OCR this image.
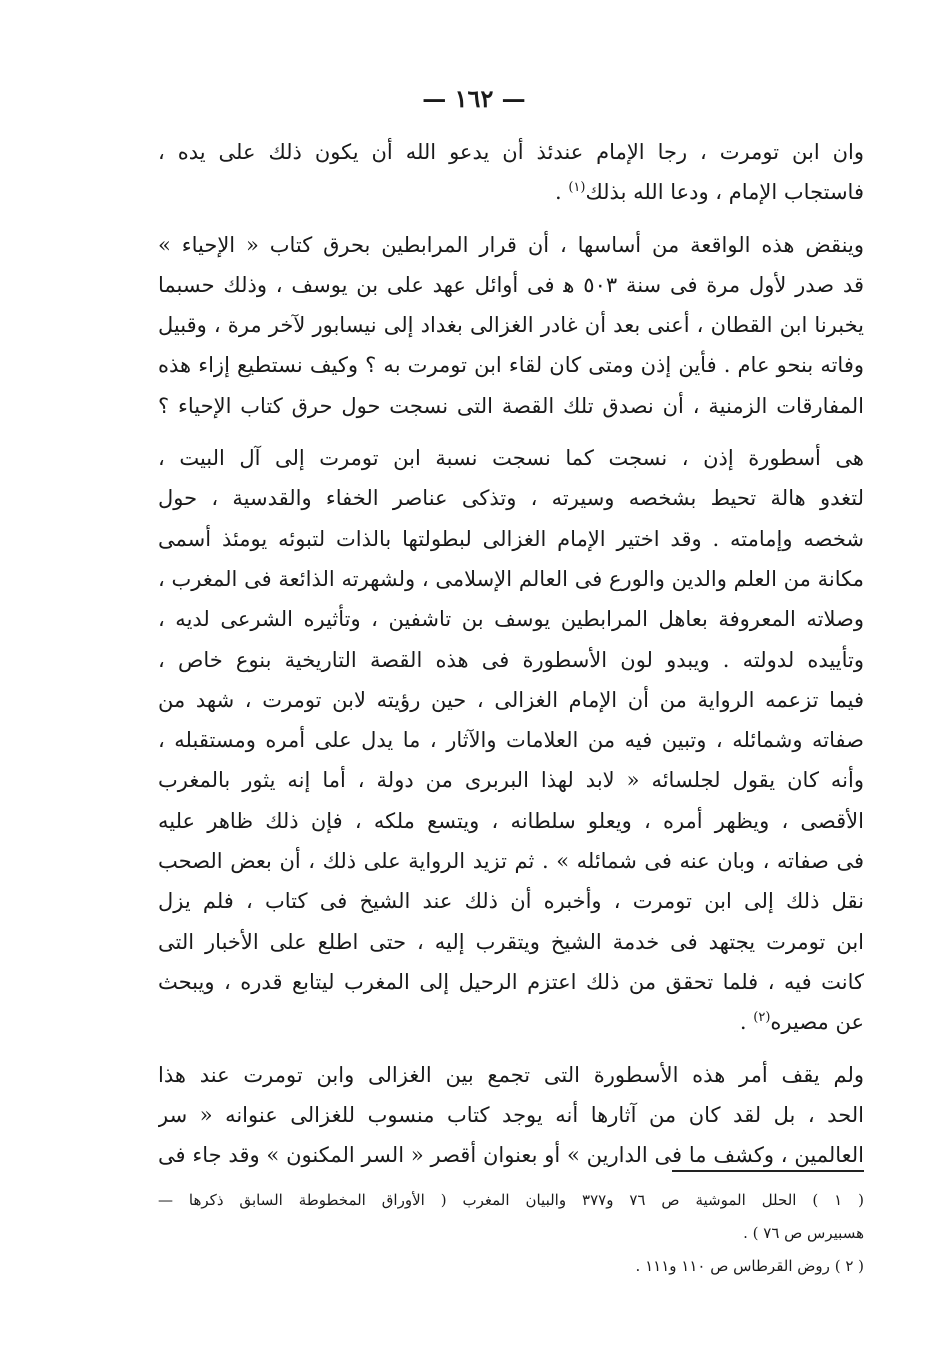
— ١٦٢ —
وان ابن تومرت ، رجا الإمام عندئذ أن يدعو الله أن يكون ذلك على يده ،
فاستجاب الإمام ، ودعا الله بذلك$^{(١)}$ .
وينقض هذه الواقعة من أساسها ، أن قرار المرابطين بحرق كتاب « الإحياء »
قد صدر لأول مرة فى سنة ٥٠٣ ﻫ فى أوائل عهد على بن يوسف ، وذلك حسبما
يخبرنا ابن القطان ، أعنى بعد أن غادر الغزالى بغداد إلى نيسابور لآخر مرة ، وقبيل
وفاته بنحو عام . فأين إذن ومتى كان لقاء ابن تومرت به ؟ وكيف نستطيع إزاء هذه
المفارقات الزمنية ، أن نصدق تلك القصة التى نسجت حول حرق كتاب الإحياء ؟
هى أسطورة إذن ، نسجت كما نسجت نسبة ابن تومرت إلى آل البيت ،
لتغدو هالة تحيط بشخصه وسيرته ، وتذكى عناصر الخفاء والقدسية ، حول
شخصه وإمامته . وقد اختير الإمام الغزالى لبطولتها بالذات لتبوئه يومئذ أسمى
مكانة من العلم والدين والورع فى العالم الإسلامى ، ولشهرته الذائعة فى المغرب ،
وصلاته المعروفة بعاهل المرابطين يوسف بن تاشفين ، وتأثيره الشرعى لديه ،
وتأييده لدولته . ويبدو لون الأسطورة فى هذه القصة التاريخية بنوع خاص ،
فيما تزعمه الرواية من أن الإمام الغزالى ، حين رؤيته لابن تومرت ، شهد من
صفاته وشمائله ، وتبين فيه من العلامات والآثار ، ما يدل على أمره ومستقبله ،
وأنه كان يقول لجلسائه « لابد لهذا البربرى من دولة ، أما إنه يثور بالمغرب
الأقصى ، ويظهر أمره ، ويعلو سلطانه ، ويتسع ملكه ، فإن ذلك ظاهر عليه
فى صفاته ، وبان عنه فى شمائله » . ثم تزيد الرواية على ذلك ، أن بعض الصحب
نقل ذلك إلى ابن تومرت ، وأخبره أن ذلك عند الشيخ فى كتاب ، فلم يزل
ابن تومرت يجتهد فى خدمة الشيخ ويتقرب إليه ، حتى اطلع على الأخبار التى
كانت فيه ، فلما تحقق من ذلك اعتزم الرحيل إلى المغرب ليتابع قدره ، ويبحث
عن مصيره$^{(٢)}$ .
ولم يقف أمر هذه الأسطورة التى تجمع بين الغزالى وابن تومرت عند هذا
الحد ، بل لقد كان من آثارها أنه يوجد كتاب منسوب للغزالى عنوانه « سر
العالمين ، وكشف ما فى الدارين » أو بعنوان أقصر « السر المكنون » وقد جاء فى
( ١ ) الحلل الموشية ص ٧٦ و٣٧٧ والبيان المغرب ( الأوراق المخطوطة السابق ذكرها —
هسبيرس ص ٧٦ ) .
( ٢ ) روض القرطاس ص ١١٠ و١١١ .
